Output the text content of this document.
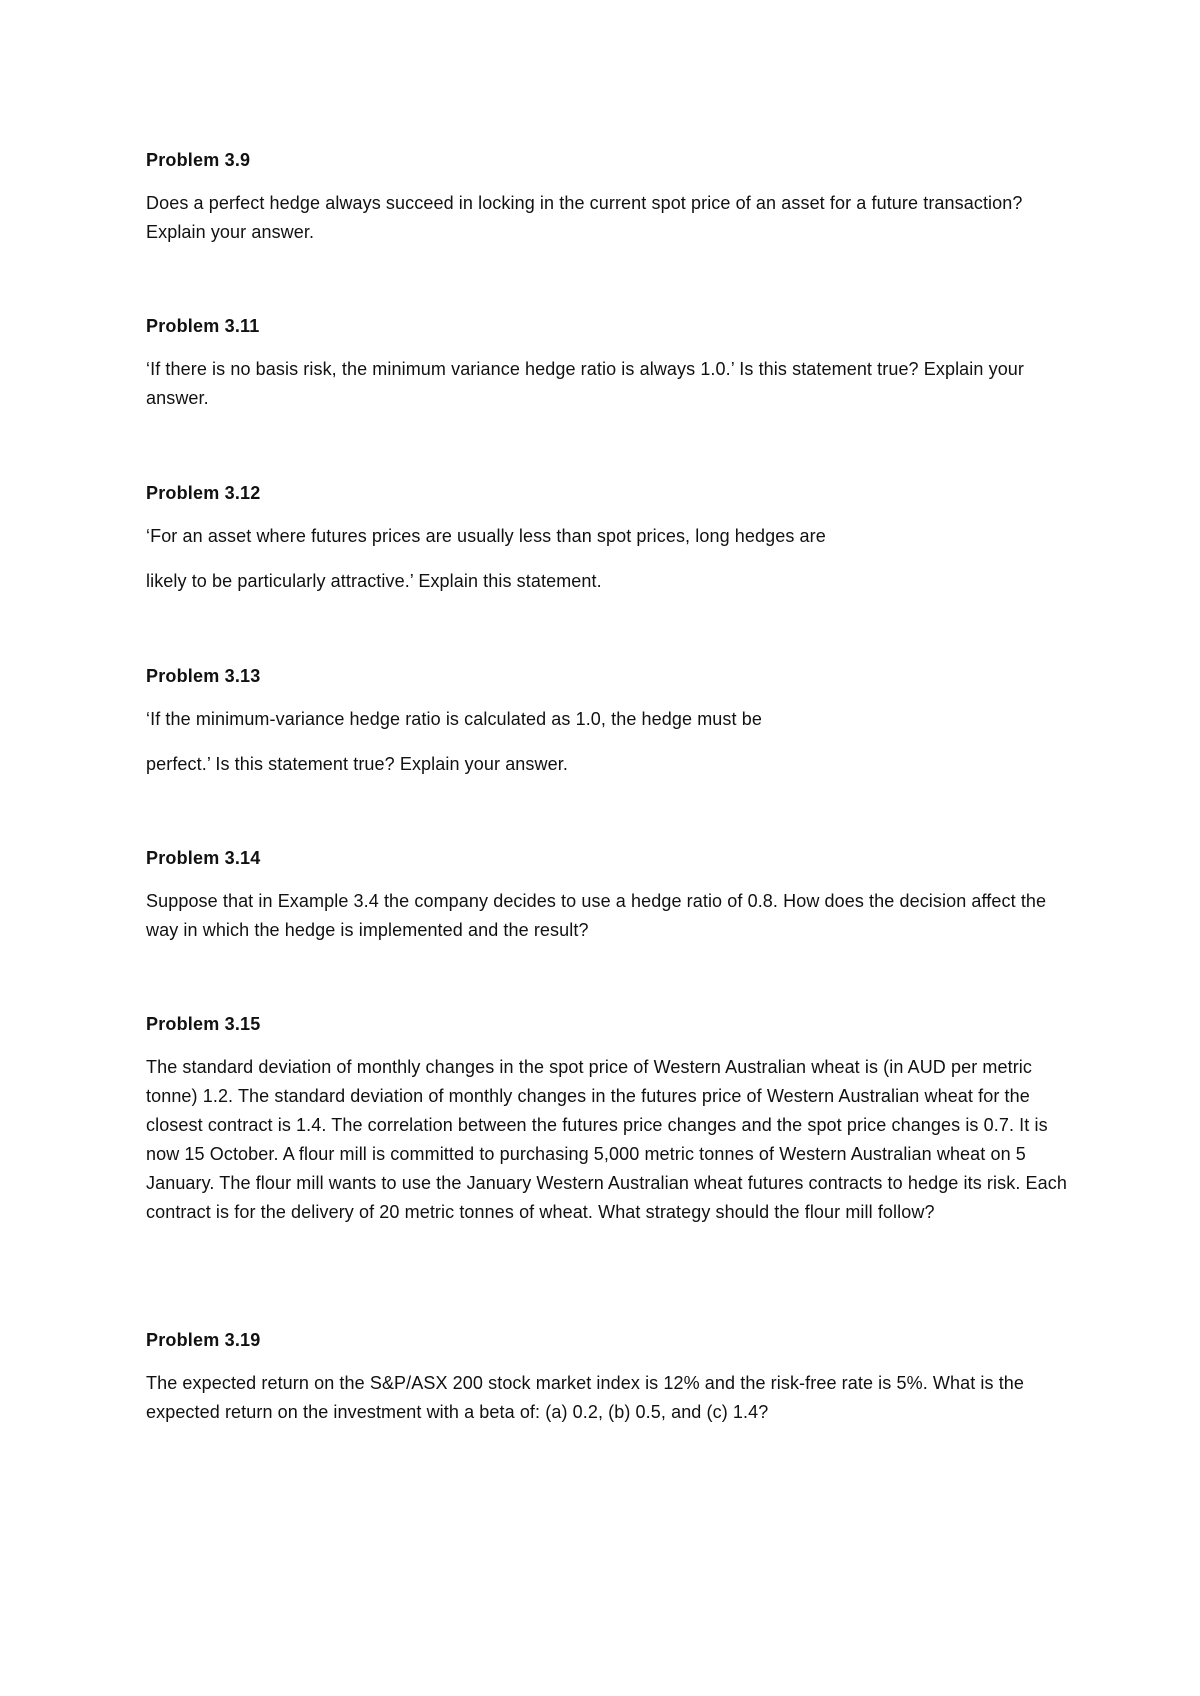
Problem 3.9

Does a perfect hedge always succeed in locking in the current spot price of an asset for a future transaction? Explain your answer.

Problem 3.11

‘If there is no basis risk, the minimum variance hedge ratio is always 1.0.’ Is this statement true? Explain your answer.

Problem 3.12

‘For an asset where futures prices are usually less than spot prices, long hedges are

likely to be particularly attractive.’ Explain this statement.

Problem 3.13

‘If the minimum-variance hedge ratio is calculated as 1.0, the hedge must be

perfect.’ Is this statement true? Explain your answer.

Problem 3.14

Suppose that in Example 3.4 the company decides to use a hedge ratio of 0.8. How does the decision affect the way in which the hedge is implemented and the result?

Problem 3.15

The standard deviation of monthly changes in the spot price of Western Australian wheat is (in AUD per metric tonne) 1.2. The standard deviation of monthly changes in the futures price of Western Australian wheat for the closest contract is 1.4. The correlation between the futures price changes and the spot price changes is 0.7. It is now 15 October. A flour mill is committed to purchasing 5,000 metric tonnes of Western Australian wheat on 5 January. The flour mill wants to use the January Western Australian wheat futures contracts to hedge its risk. Each contract is for the delivery of 20 metric tonnes of wheat. What strategy should the flour mill follow?

Problem 3.19

The expected return on the S&P/ASX 200 stock market index is 12% and the risk-free rate is 5%. What is the expected return on the investment with a beta of: (a) 0.2, (b) 0.5, and (c) 1.4?
